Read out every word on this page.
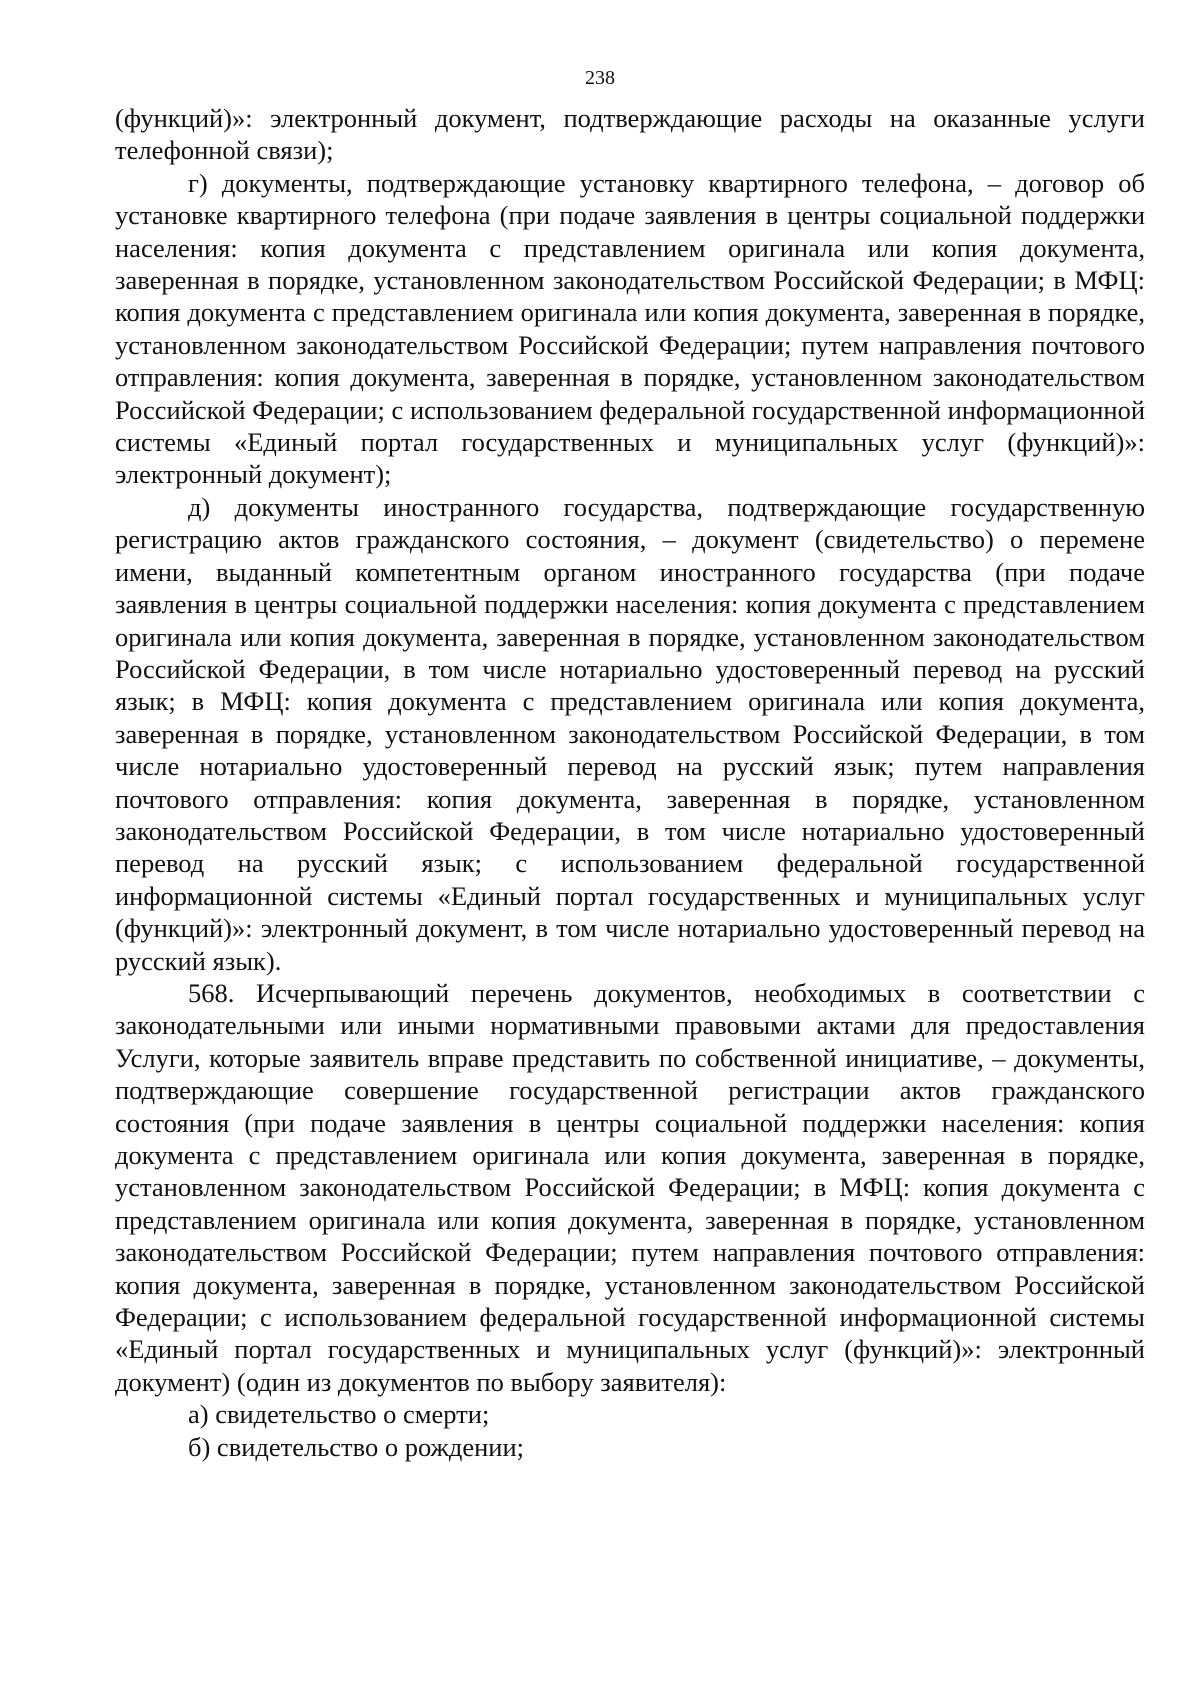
238

(функций)»: электронный документ, подтверждающие расходы на оказанные услуги телефонной связи);

г) документы, подтверждающие установку квартирного телефона, – договор об установке квартирного телефона (при подаче заявления в центры социальной поддержки населения: копия документа с представлением оригинала или копия документа, заверенная в порядке, установленном законодательством Российской Федерации; в МФЦ: копия документа с представлением оригинала или копия документа, заверенная в порядке, установленном законодательством Российской Федерации; путем направления почтового отправления: копия документа, заверенная в порядке, установленном законодательством Российской Федерации; с использованием федеральной государственной информационной системы «Единый портал государственных и муниципальных услуг (функций)»: электронный документ);

д) документы иностранного государства, подтверждающие государственную регистрацию актов гражданского состояния, – документ (свидетельство) о перемене имени, выданный компетентным органом иностранного государства (при подаче заявления в центры социальной поддержки населения: копия документа с представлением оригинала или копия документа, заверенная в порядке, установленном законодательством Российской Федерации, в том числе нотариально удостоверенный перевод на русский язык; в МФЦ: копия документа с представлением оригинала или копия документа, заверенная в порядке, установленном законодательством Российской Федерации, в том числе нотариально удостоверенный перевод на русский язык; путем направления почтового отправления: копия документа, заверенная в порядке, установленном законодательством Российской Федерации, в том числе нотариально удостоверенный перевод на русский язык; с использованием федеральной государственной информационной системы «Единый портал государственных и муниципальных услуг (функций)»: электронный документ, в том числе нотариально удостоверенный перевод на русский язык).

568. Исчерпывающий перечень документов, необходимых в соответствии с законодательными или иными нормативными правовыми актами для предоставления Услуги, которые заявитель вправе представить по собственной инициативе, – документы, подтверждающие совершение государственной регистрации актов гражданского состояния (при подаче заявления в центры социальной поддержки населения: копия документа с представлением оригинала или копия документа, заверенная в порядке, установленном законодательством Российской Федерации; в МФЦ: копия документа с представлением оригинала или копия документа, заверенная в порядке, установленном законодательством Российской Федерации; путем направления почтового отправления: копия документа, заверенная в порядке, установленном законодательством Российской Федерации; с использованием федеральной государственной информационной системы «Единый портал государственных и муниципальных услуг (функций)»: электронный документ) (один из документов по выбору заявителя):

а) свидетельство о смерти;

б) свидетельство о рождении;
